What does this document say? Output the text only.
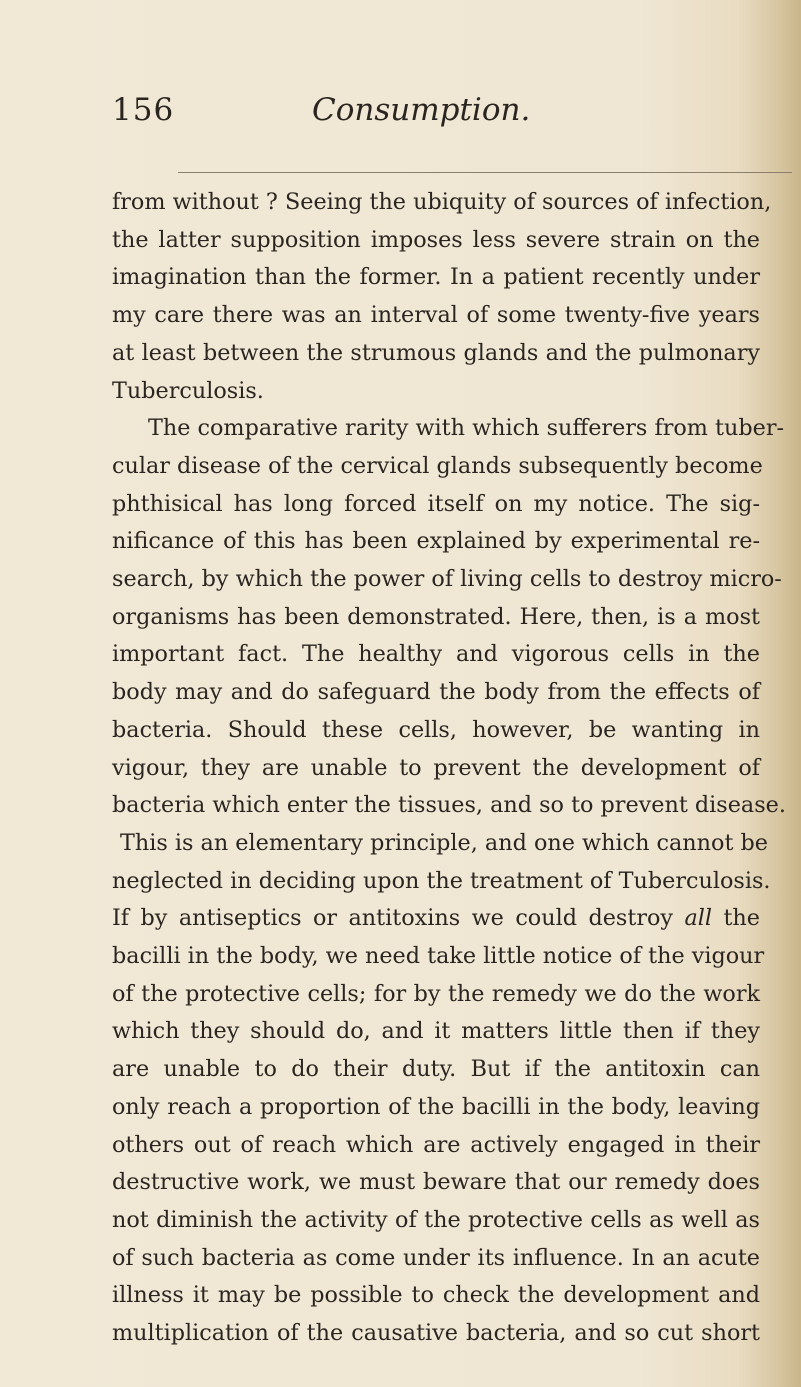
156	Consumption.
from without ? Seeing the ubiquity of sources of infection,
the latter supposition imposes less severe strain on the
imagination than the former. In a patient recently under
my care there was an interval of some twenty-five years
at least between the strumous glands and the pulmonary
Tuberculosis.
The comparative rarity with which sufferers from tuber-
cular disease of the cervical glands subsequently become
phthisical has long forced itself on my notice. The sig-
nificance of this has been explained by experimental re-
search, by which the power of living cells to destroy micro-
organisms has been demonstrated. Here, then, is a most
important fact. The healthy and vigorous cells in the
body may and do safeguard the body from the effects of
bacteria. Should these cells, however, be wanting in
vigour, they are unable to prevent the development of
bacteria which enter the tissues, and so to prevent disease.
This is an elementary principle, and one which cannot be
neglected in deciding upon the treatment of Tuberculosis.
If by antiseptics or antitoxins we could destroy all the
bacilli in the body, we need take little notice of the vigour
of the protective cells; for by the remedy we do the work
which they should do, and it matters little then if they
are unable to do their duty. But if the antitoxin can
only reach a proportion of the bacilli in the body, leaving
others out of reach which are actively engaged in their
destructive work, we must beware that our remedy does
not diminish the activity of the protective cells as well as
of such bacteria as come under its influence. In an acute
illness it may be possible to check the development and
multiplication of the causative bacteria, and so cut short
